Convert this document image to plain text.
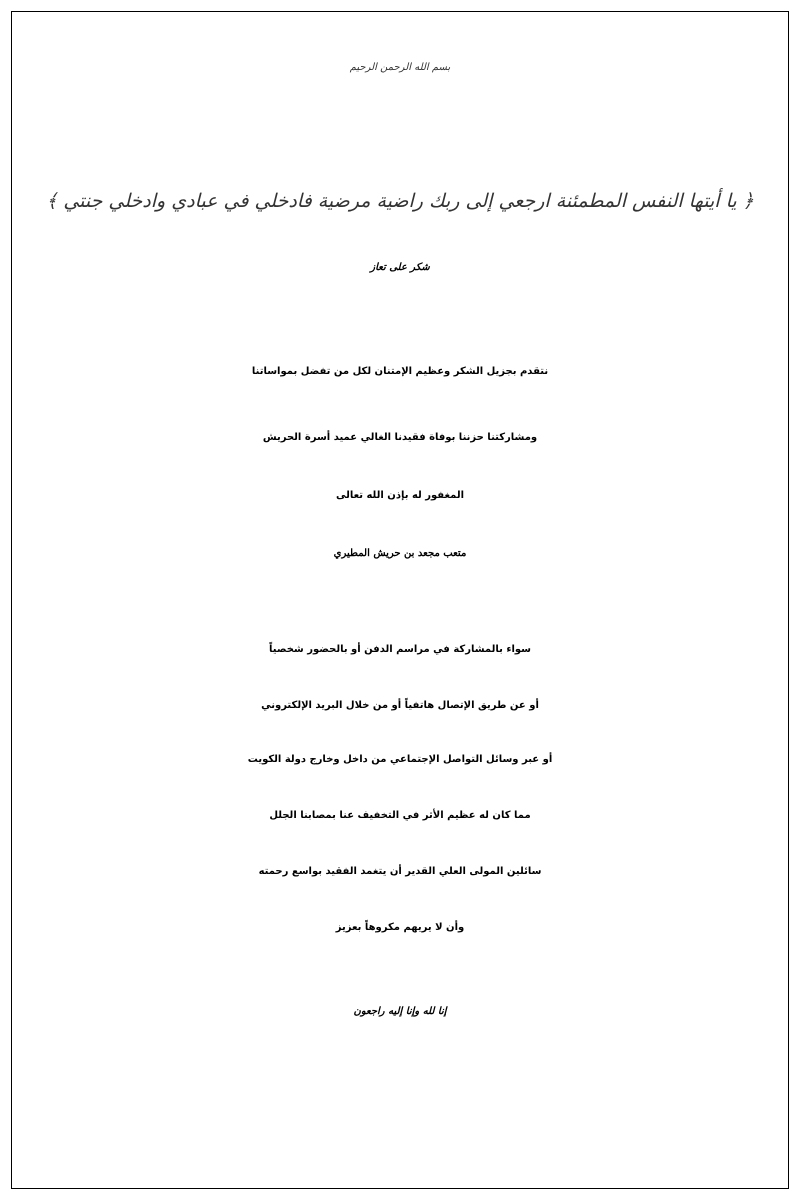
بسم الله الرحمن الرحيم
﴿ يا أيتها النفس المطمئنة ارجعي إلى ربك راضية مرضية فادخلي في عبادي وادخلي جنتي ﴾
شكر على تعاز
نتقدم بجزيل الشكر وعظيم الإمتنان لكل من تفضل بمواساتنا
ومشاركتنا حزننا بوفاة فقيدنا الغالي عميد أسرة الحريش
المغفور له بإذن الله تعالى
متعب مجعد بن حريش المطيري
سواء بالمشاركة في مراسم الدفن أو بالحضور شخصياً
أو عن طريق الإتصال هاتفياً أو من خلال البريد الإلكتروني
أو عبر وسائل التواصل الإجتماعي من داخل وخارج دولة الكويت
مما كان له عظيم الأثر في التخفيف عنا بمصابنا الجلل
سائلين المولى العلي القدير أن يتغمد الفقيد بواسع رحمته
وأن لا يريهم مكروهاً بعزيز
إنا لله وإنا إليه راجعون
